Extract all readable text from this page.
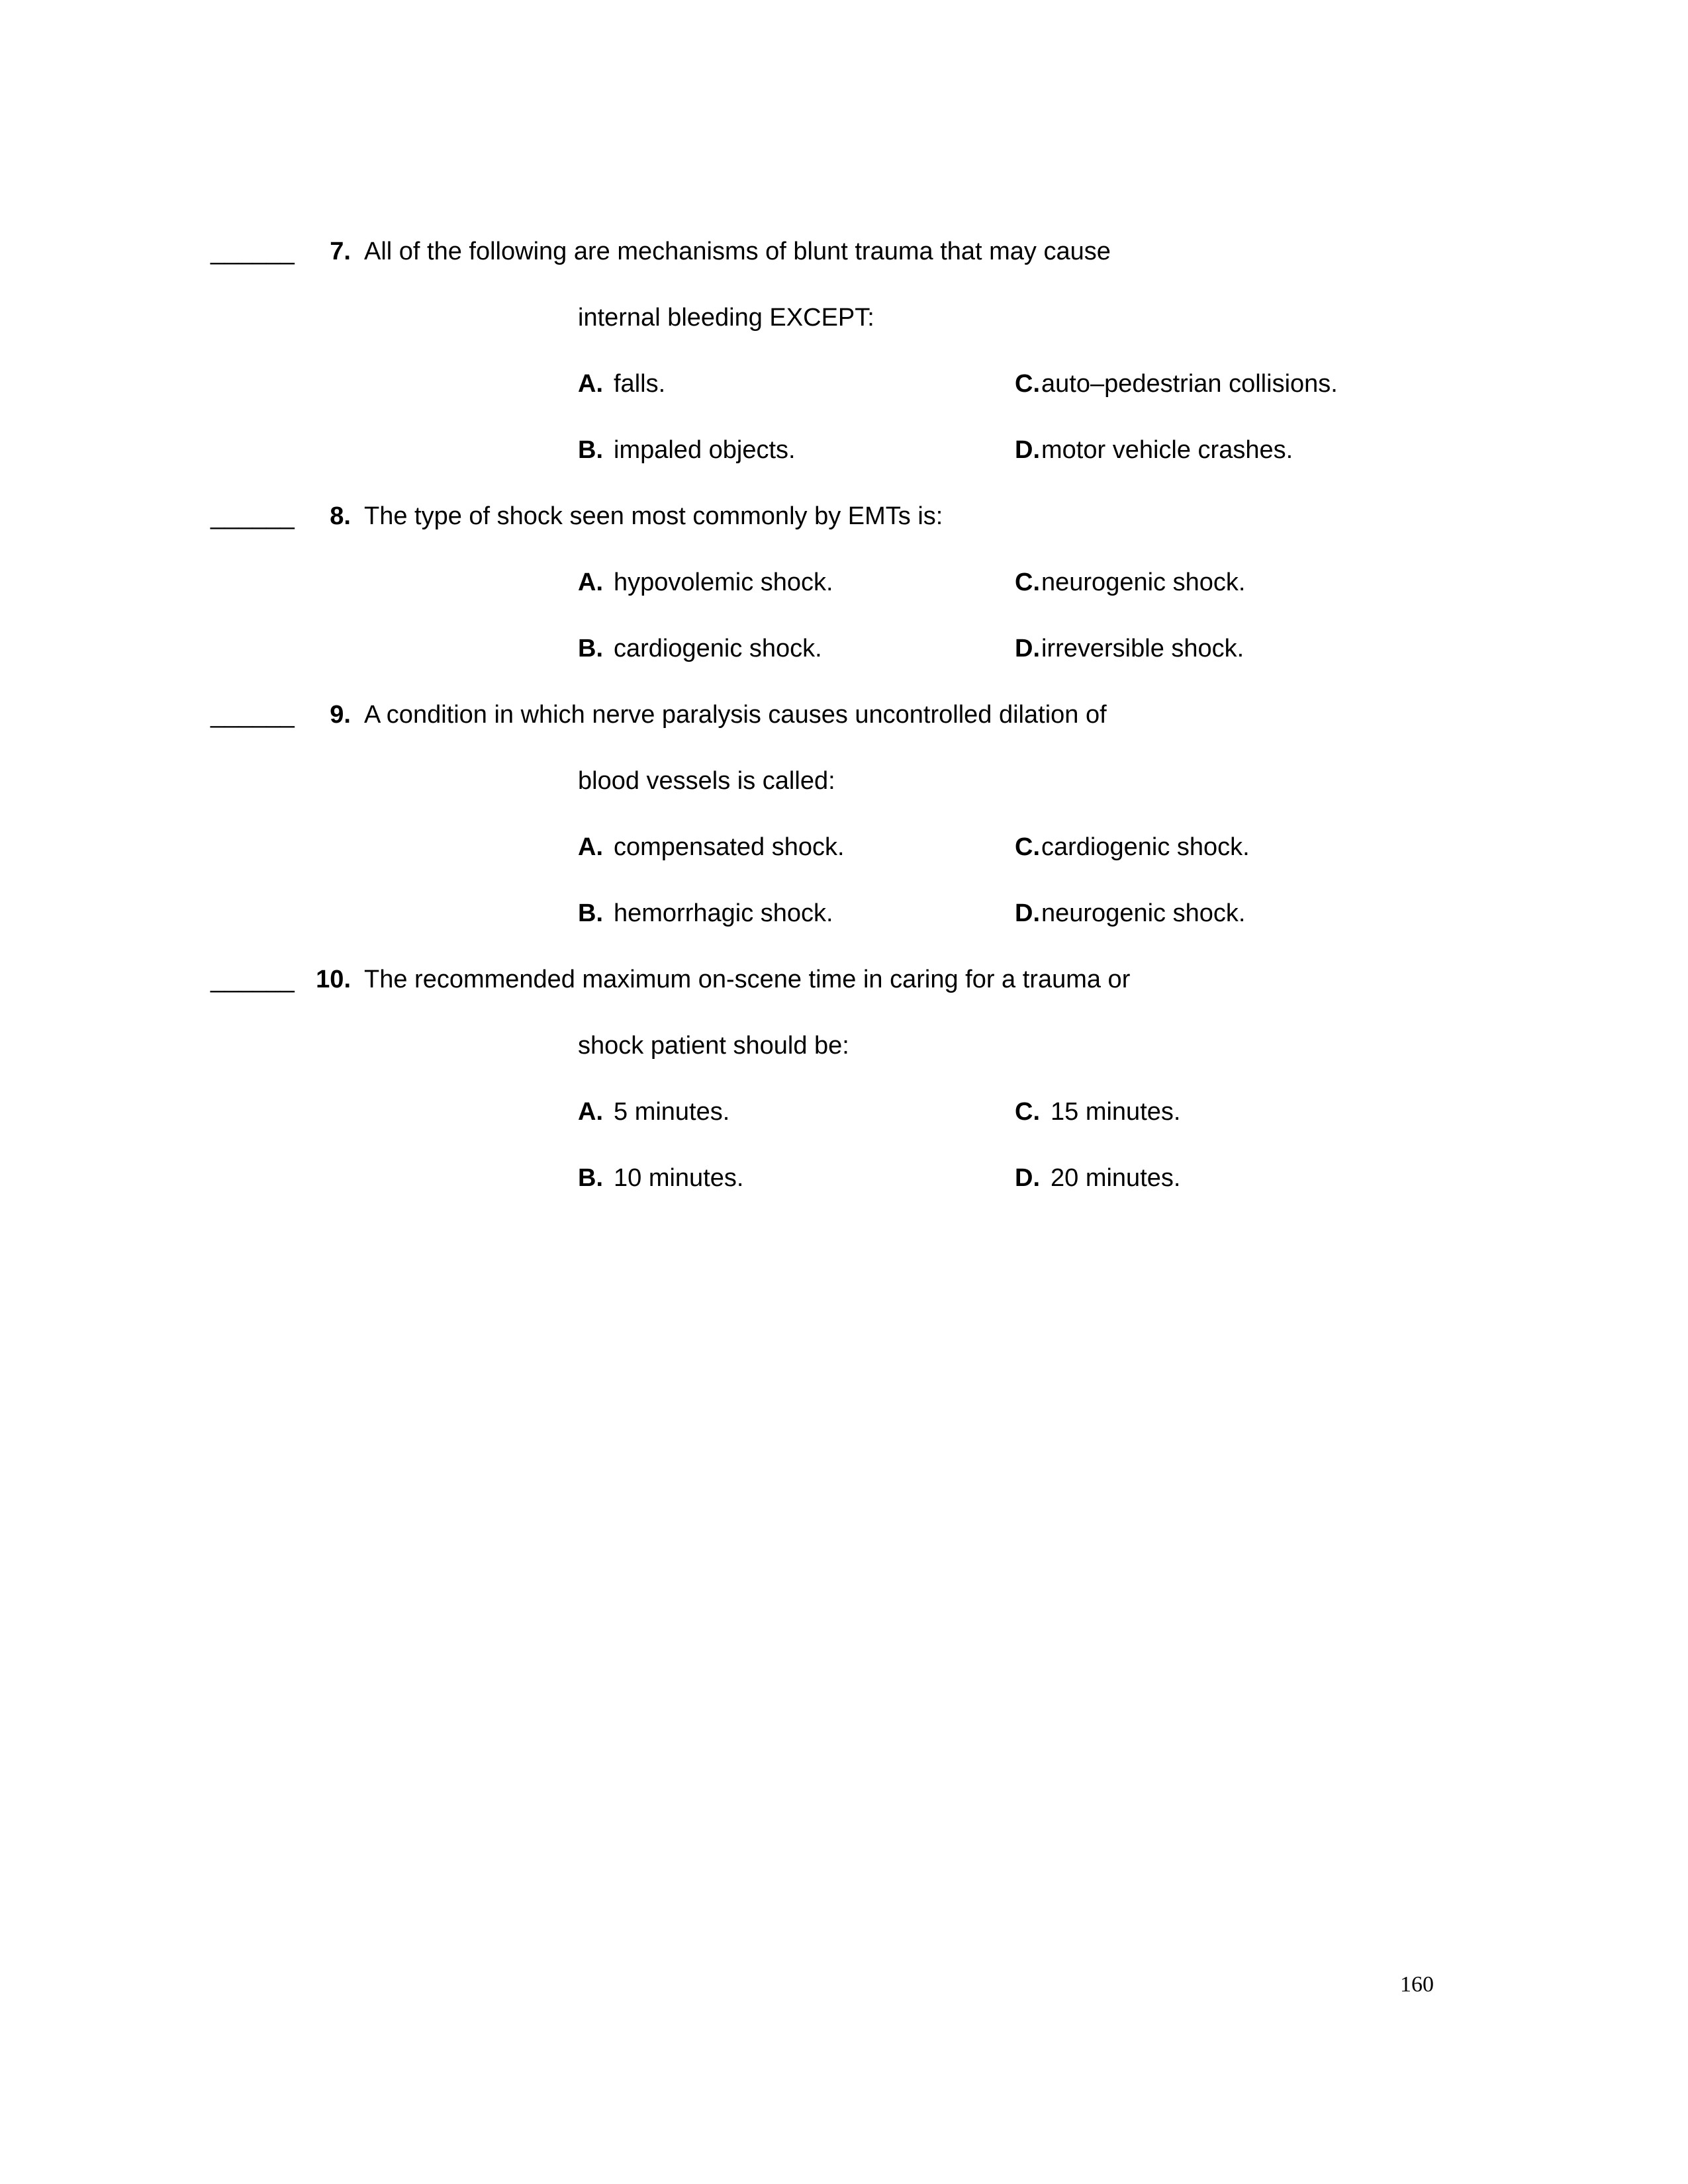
______	7. All of the following are mechanisms of blunt trauma that may cause
internal bleeding EXCEPT:
A. falls.	C. auto–pedestrian collisions.
B. impaled objects.	D. motor vehicle crashes.
______	8. The type of shock seen most commonly by EMTs is:
A. hypovolemic shock.	C. neurogenic shock.
B. cardiogenic shock.	D. irreversible shock.
______	9. A condition in which nerve paralysis causes uncontrolled dilation of
blood vessels is called:
A. compensated shock.	C. cardiogenic shock.
B. hemorrhagic shock.	D. neurogenic shock.
______ 10. The recommended maximum on-scene time in caring for a trauma or
shock patient should be:
A. 5 minutes.	C. 15 minutes.
B. 10 minutes.	D. 20 minutes.
160
